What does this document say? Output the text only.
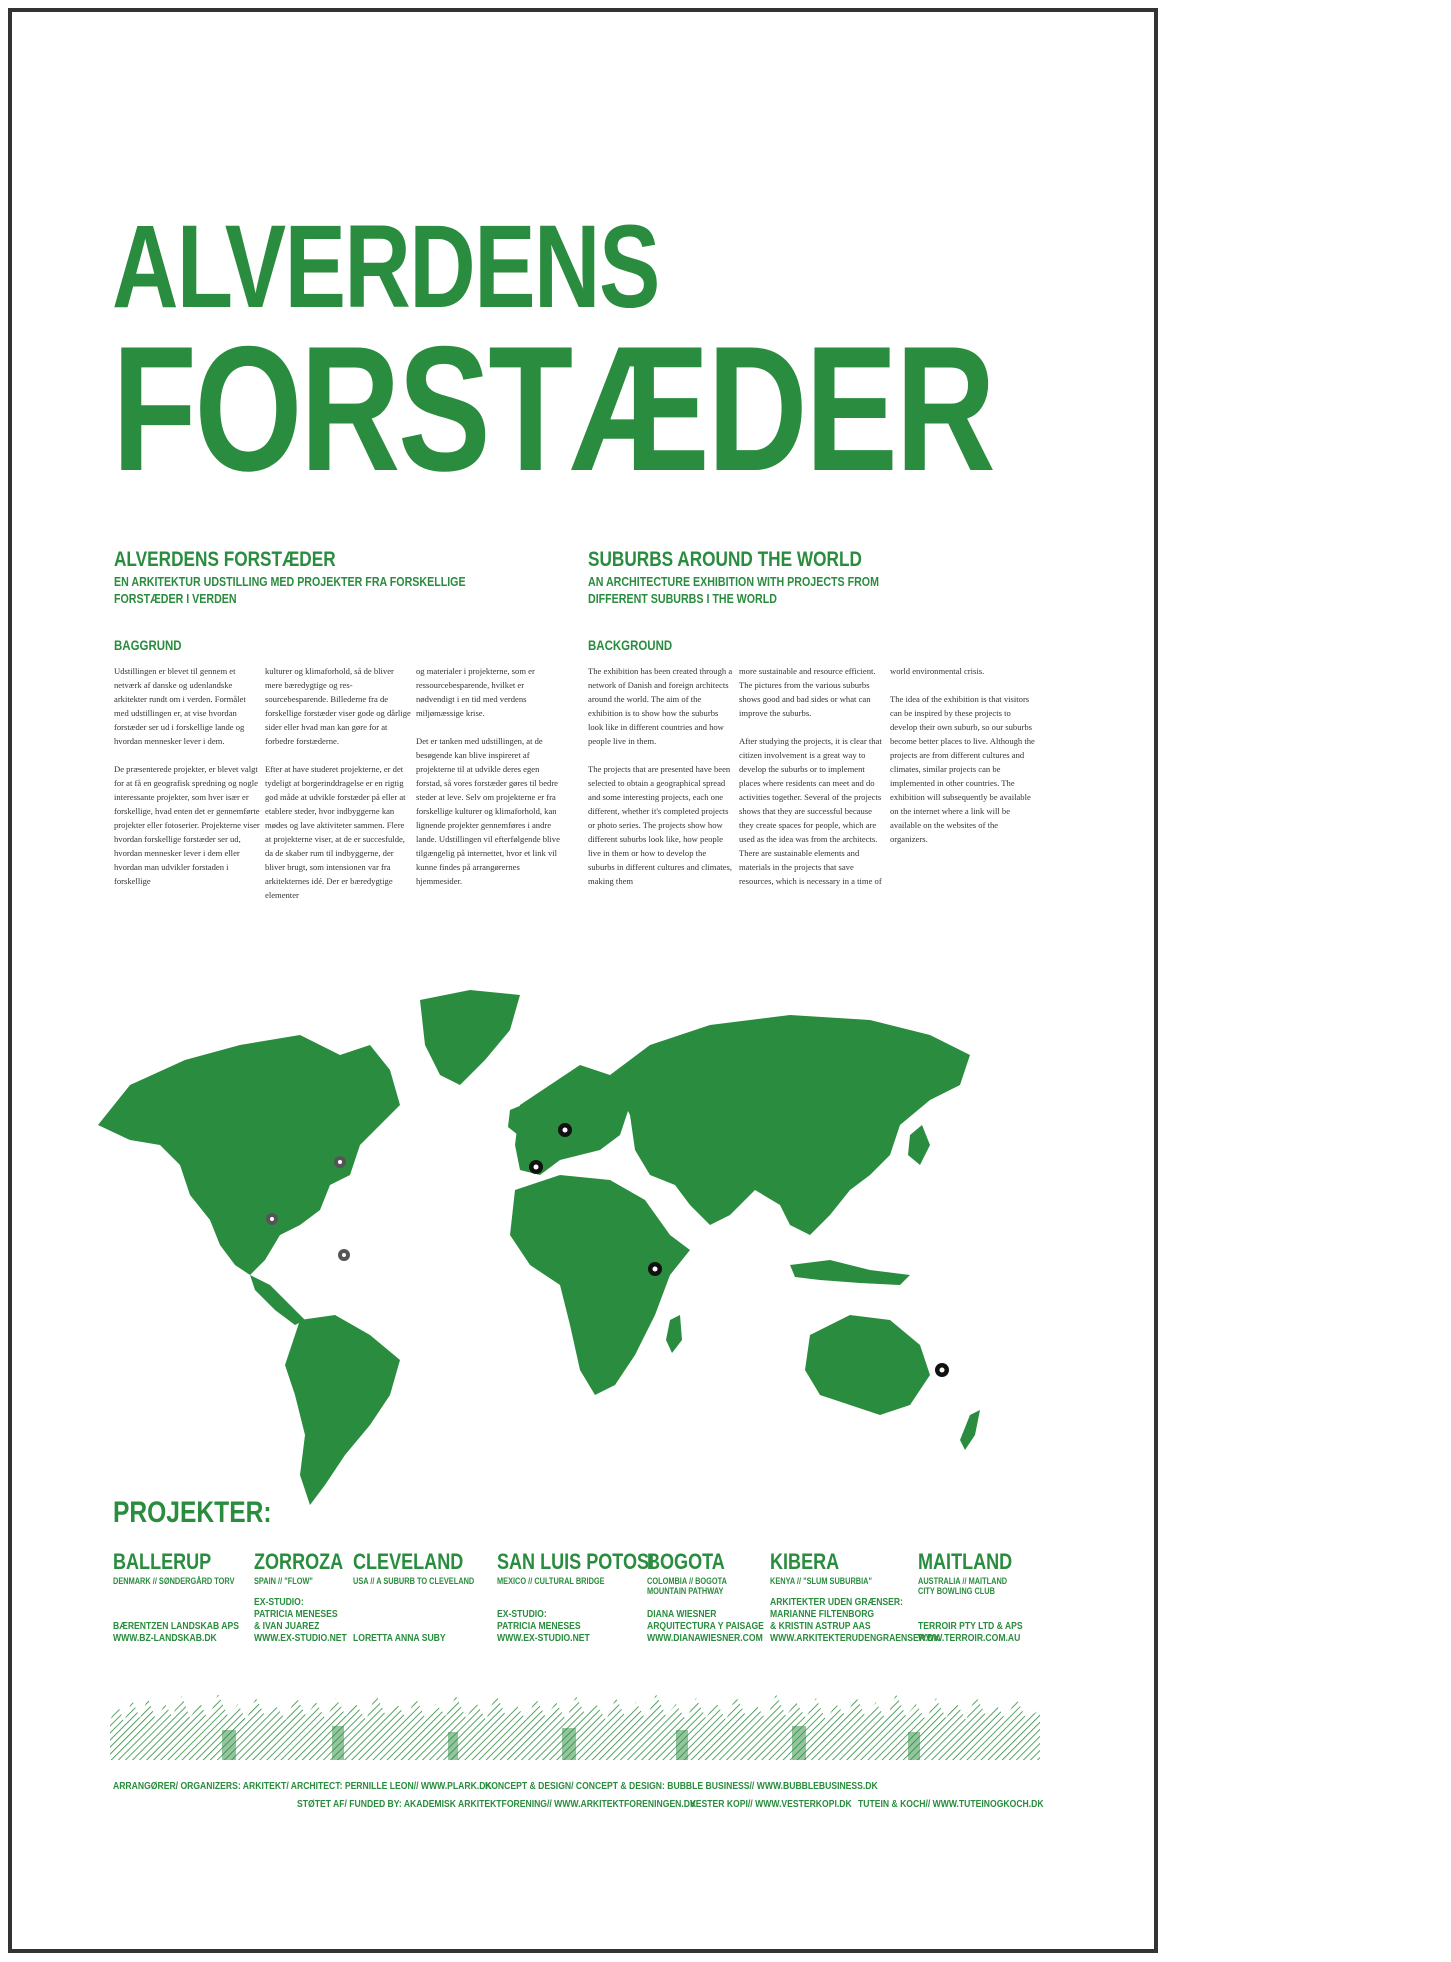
ALVERDENS
FORSTÆDER
ALVERDENS FORSTÆDER
EN ARKITEKTUR UDSTILLING MED PROJEKTER FRA FORSKELLIGE
FORSTÆDER I VERDEN
BAGGRUND

Udstillingen er blevet til gennem et netværk af danske og udenlandske arkitekter rundt om i verden. Formålet med udstillingen er, at vise hvordan forstæder ser ud i forskellige lande og hvordan mennesker lever i dem.

De præsenterede projekter, er blevet valgt for at få en geografisk spredning og nogle interessante projekter, som hver især er forskellige, hvad enten det er gennemførte projekter eller fotoserier. Projekterne viser hvordan forskellige forstæder ser ud, hvordan mennesker lever i dem eller hvordan man udvikler forstaden i forskellige

kulturer og klimaforhold, så de bliver mere bæredygtige og ressourcebesparende. Billederne fra de forskellige forstæder viser gode og dårlige sider eller hvad man kan gøre for at forbedre forstæderne.

Efter at have studeret projekterne, er det tydeligt at borgerinddragelse er en rigtig god måde at udvikle forstæder på eller at etablere steder, hvor indbyggerne kan mødes og lave aktiviteter sammen. Flere at projekterne viser, at de er succesfulde, da de skaber rum til indbyggerne, der bliver brugt, som intensionen var fra arkitekternes idé. Der er bæredygtige elementer

og materialer i projekterne, som er ressourcebesparende, hvilket er nødvendigt i en tid med verdens miljømæssige krise.

Det er tanken med udstillingen, at de besøgende kan blive inspireret af projekterne til at udvikle deres egen forstad, så vores forstæder gøres til bedre steder at leve. Selv om projekterne er fra forskellige kulturer og klimaforhold, kan lignende projekter gennemføres i andre lande. Udstillingen vil efterfølgende blive tilgængelig på internettet, hvor et link vil kunne findes på arrangørernes hjemmesider.

SUBURBS AROUND THE WORLD
AN ARCHITECTURE EXHIBITION WITH PROJECTS FROM
DIFFERENT SUBURBS I THE WORLD
BACKGROUND

The exhibition has been created through a network of Danish and foreign architects around the world. The aim of the exhibition is to show how the suburbs look like in different countries and how people live in them.

The projects that are presented have been selected to obtain a geographical spread and some interesting projects, each one different, whether it's completed projects or photo series. The projects show how different suburbs look like, how people live in them or how to develop the suburbs in different cultures and climates, making them

more sustainable and resource efficient. The pictures from the various suburbs shows good and bad sides or what can improve the suburbs.

After studying the projects, it is clear that citizen involvement is a great way to develop the suburbs or to implement places where residents can meet and do activities together. Several of the projects shows that they are successful because they create spaces for people, which are used as the idea was from the architects. There are sustainable elements and materials in the projects that save resources, which is necessary in a time of

world environmental crisis.

The idea of the exhibition is that visitors can be inspired by these projects to develop their own suburb, so our suburbs become better places to live. Although the projects are from different cultures and climates, similar projects can be implemented in other countries. The exhibition will subsequently be available on the internet where a link will be available on the websites of the organizers.

PROJEKTER:
BALLERUP
DENMARK // SØNDERGÅRD TORV
BÆRENTZEN LANDSKAB APS
WWW.BZ-LANDSKAB.DK
ZORROZA
SPAIN // "FLOW"
EX-STUDIO:
PATRICIA MENESES
& IVAN JUAREZ
WWW.EX-STUDIO.NET
CLEVELAND
USA // A SUBURB TO CLEVELAND
LORETTA ANNA SUBY
SAN LUIS POTOSI
MEXICO // CULTURAL BRIDGE
EX-STUDIO:
PATRICIA MENESES
WWW.EX-STUDIO.NET
BOGOTA
COLOMBIA // BOGOTA MOUNTAIN PATHWAY
DIANA WIESNER
ARQUITECTURA Y PAISAGE
WWW.DIANAWIESNER.COM
KIBERA
KENYA // "SLUM SUBURBIA"
ARKITEKTER UDEN GRÆNSER:
MARIANNE FILTENBORG
& KRISTIN ASTRUP AAS
WWW.ARKITEKTERUDENGRAENSER.DK
MAITLAND
AUSTRALIA // MAITLAND CITY BOWLING CLUB
TERROIR PTY LTD & APS
WWW.TERROIR.COM.AU
ARRANGØRER/ ORGANIZERS: ARKITEKT/ ARCHITECT: PERNILLE LEON// WWW.PLARK.DK
KONCEPT & DESIGN/ CONCEPT & DESIGN: BUBBLE BUSINESS// WWW.BUBBLEBUSINESS.DK
STØTET AF/ FUNDED BY: AKADEMISK ARKITEKTFORENING// WWW.ARKITEKTFORENINGEN.DK
VESTER KOPI// WWW.VESTERKOPI.DK TUTEIN & KOCH// WWW.TUTEINOGKOCH.DK
